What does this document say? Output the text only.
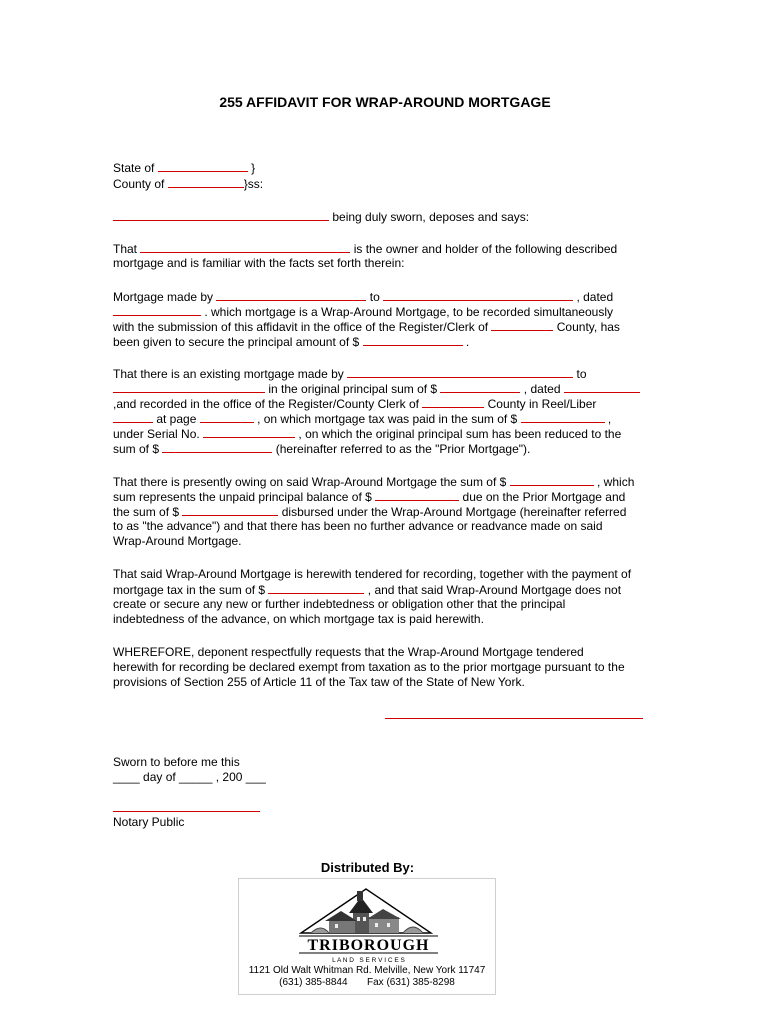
255 AFFIDAVIT FOR WRAP-AROUND MORTGAGE
State of	}
County of	}ss:
being duly sworn, deposes and says:
That	is the owner and holder of the following described
mortgage and is familiar with the facts set forth therein:
Mortgage made by	to	, dated
. which mortgage is a Wrap-Around Mortgage, to be recorded simultaneously
with the submission of this affidavit in the office of the Register/Clerk of	County, has
been given to secure the principal amount of $	.
That there is an existing mortgage made by	to
in the original principal sum of $	, dated
,and recorded in the office of the Register/County Clerk of	County in Reel/Liber
at page	, on which mortgage tax was paid in the sum of $	,
under Serial No.	, on which the original principal sum has been reduced to the
sum of $	(hereinafter referred to as the "Prior Mortgage").
That there is presently owing on said Wrap-Around Mortgage the sum of $	, which
sum represents the unpaid principal balance of $	due on the Prior Mortgage and
the sum of $	disbursed under the Wrap-Around Mortgage (hereinafter referred
to as "the advance") and that there has been no further advance or readvance made on said
Wrap-Around Mortgage.
That said Wrap-Around Mortgage is herewith tendered for recording, together with the payment of
mortgage tax in the sum of $	, and that said Wrap-Around Mortgage does not
create or secure any new or further indebtedness or obligation other that the principal
indebtedness of the advance, on which mortgage tax is paid herewith.
WHEREFORE, deponent respectfully requests that the Wrap-Around Mortgage tendered
herewith for recording be declared exempt from taxation as to the prior mortgage pursuant to the
provisions of Section 255 of Article 11 of the Tax taw of the State of New York.
Sworn to before me this
____ day of _____ , 200 ___
Notary Public
Distributed By:
TRIBOROUGH
L A N D   S E R V I C E S
1121 Old Walt Whitman Rd. Melville, New York 11747
(631) 385-8844 Fax (631) 385-8298
